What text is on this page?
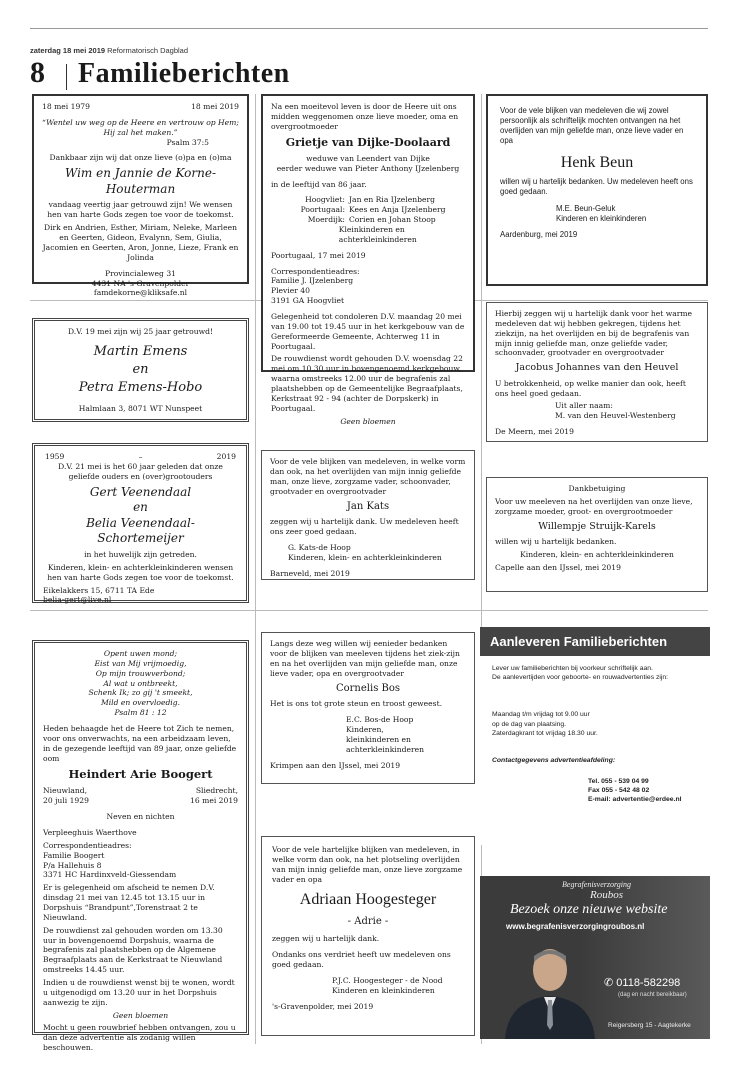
zaterdag 18 mei 2019 Reformatorisch Dagblad
8 Familieberichten
18 mei 1979	18 mei 2019
“Wentel uw weg op de Heere en vertrouw op Hem; Hij zal het maken.”
Psalm 37:5
Dankbaar zijn wij dat onze lieve (o)pa en (o)ma
Wim en Jannie de Korne-Houterman
vandaag veertig jaar getrouwd zijn! We wensen hen van harte Gods zegen toe voor de toekomst.
Dirk en Andrien, Esther, Miriam, Neleke, Marleen en Geerten, Gideon, Evalynn, Sem, Giulia, Jacomien en Geerten, Aron, Jonne, Lieze, Frank en Jolinda
Provincialeweg 31
4431 NA 's-Gravenpolder
famdekorne@kliksafe.nl
D.V. 19 mei zijn wij 25 jaar getrouwd!
Martin Emens
en
Petra Emens-Hobo
Halmlaan 3, 8071 WT Nunspeet
1959	–	2019
D.V. 21 mei is het 60 jaar geleden dat onze geliefde ouders en (over)grootouders
Gert Veenendaal
en
Belia Veenendaal-Schortemeijer
in het huwelijk zijn getreden.
Kinderen, klein- en achterkleinkinderen wensen hen van harte Gods zegen toe voor de toekomst.
Eikelakkers 15, 6711 TA Ede
belia-gert@live.nl
Opent uwen mond;
Eist van Mij vrijmoedig,
Op mijn trouwverbond;
Al wat u ontbreekt,
Schenk Ik; zo gij 't smeekt,
Mild en overvloedig.
Psalm 81 : 12
Heden behaagde het de Heere tot Zich te nemen, voor ons onverwachts, na een arbeidzaam leven, in de gezegende leeftijd van 89 jaar, onze geliefde oom
Heindert Arie Boogert
Nieuwland,
20 juli 1929
Sliedrecht,
16 mei 2019
Neven en nichten
Verpleeghuis Waerthove
Correspondentieadres:
Familie Boogert
P/a Hallehuis 8
3371 HC Hardinxveld-Giessendam
Er is gelegenheid om afscheid te nemen D.V. dinsdag 21 mei van 12.45 tot 13.15 uur in Dorpshuis “Brandpunt”,Torenstraat 2 te Nieuwland.
De rouwdienst zal gehouden worden om 13.30 uur in bovengenoemd Dorpshuis, waarna de begrafenis zal plaatshebben op de Algemene Begraafplaats aan de Kerkstraat te Nieuwland omstreeks 14.45 uur.
Indien u de rouwdienst wenst bij te wonen, wordt u uitgenodigd om 13.20 uur in het Dorpshuis aanwezig te zijn.
Geen bloemen
Mocht u geen rouwbrief hebben ontvangen, zou u dan deze advertentie als zodanig willen beschouwen.
Na een moeitevol leven is door de Heere uit ons midden weggenomen onze lieve moeder, oma en overgrootmoeder
Grietje van Dijke-Doolaard
weduwe van Leendert van Dijke
eerder weduwe van Pieter Anthony IJzelenberg
in de leeftijd van 86 jaar.
Hoogvliet: Jan en Ria IJzelenberg
Poortugaal: Kees en Anja IJzelenberg
Moerdijk: Corien en Johan Stoop
Kleinkinderen en achterkleinkinderen
Poortugaal, 17 mei 2019
Correspondentieadres:
Familie J. IJzelenberg
Plevier 40
3191 GA Hoogvliet
Gelegenheid tot condoleren D.V. maandag 20 mei van 19.00 tot 19.45 uur in het kerkgebouw van de Gereformeerde Gemeente, Achterweg 11 in Poortugaal.
De rouwdienst wordt gehouden D.V. woensdag 22 mei om 10.30 uur in bovengenoemd kerkgebouw, waarna omstreeks 12.00 uur de begrafenis zal plaatshebben op de Gemeentelijke Begraafplaats, Kerkstraat 92 - 94 (achter de Dorpskerk) in Poortugaal.
Geen bloemen
Voor de vele blijken van medeleven, in welke vorm dan ook, na het overlijden van mijn innig geliefde man, onze lieve, zorgzame vader, schoonvader, grootvader en overgrootvader
Jan Kats
zeggen wij u hartelijk dank. Uw medeleven heeft ons zeer goed gedaan.
G. Kats-de Hoop
Kinderen, klein- en achterkleinkinderen
Barneveld, mei 2019
Langs deze weg willen wij eenieder bedanken voor de blijken van meeleven tijdens het ziek-zijn en na het overlijden van mijn geliefde man, onze lieve vader, opa en overgrootvader
Cornelis Bos
Het is ons tot grote steun en troost geweest.
E.C. Bos-de Hoop
Kinderen,
kleinkinderen en
achterkleinkinderen
Krimpen aan den IJssel, mei 2019
Voor de vele hartelijke blijken van medeleven, in welke vorm dan ook, na het plotseling overlijden van mijn innig geliefde man, onze lieve zorgzame vader en opa
Adriaan Hoogesteger
- Adrie -
zeggen wij u hartelijk dank.
Ondanks ons verdriet heeft uw medeleven ons goed gedaan.
P.J.C. Hoogesteger - de Nood
Kinderen en kleinkinderen
's-Gravenpolder, mei 2019
Voor de vele blijken van medeleven die wij zowel persoonlijk als schriftelijk mochten ontvangen na het overlijden van mijn geliefde man, onze lieve vader en opa
Henk Beun
willen wij u hartelijk bedanken. Uw medeleven heeft ons goed gedaan.
M.E. Beun-Geluk
Kinderen en kleinkinderen
Aardenburg, mei 2019
Hierbij zeggen wij u hartelijk dank voor het warme medeleven dat wij hebben gekregen, tijdens het ziekzijn, na het overlijden en bij de begrafenis van mijn innig geliefde man, onze geliefde vader, schoonvader, grootvader en overgrootvader
Jacobus Johannes van den Heuvel
U betrokkenheid, op welke manier dan ook, heeft ons heel goed gedaan.
Uit aller naam:
M. van den Heuvel-Westenberg
De Meern, mei 2019
Dankbetuiging
Voor uw meeleven na het overlijden van onze lieve, zorgzame moeder, groot- en overgrootmoeder
Willempje Struijk-Karels
willen wij u hartelijk bedanken.
Kinderen, klein- en achterkleinkinderen
Capelle aan den IJssel, mei 2019
Aanleveren Familieberichten
Lever uw familieberichten bij voorkeur schriftelijk aan.
De aanlevertijden voor geboorte- en rouwadvertenties zijn:
Maandag t/m vrijdag tot 9.00 uur
op de dag van plaatsing.
Zaterdagkrant tot vrijdag 18.30 uur.
Contactgegevens advertentieafdeling:
Tel. 055 - 539 04 99
Fax 055 - 542 48 02
E-mail: advertentie@erdee.nl
Begrafenisverzorging
Roubos
Bezoek onze nieuwe website
www.begrafenisverzorgingroubos.nl
✆ 0118-582298
(dag en nacht bereikbaar)
Reigersberg 15 - Aagtekerke
